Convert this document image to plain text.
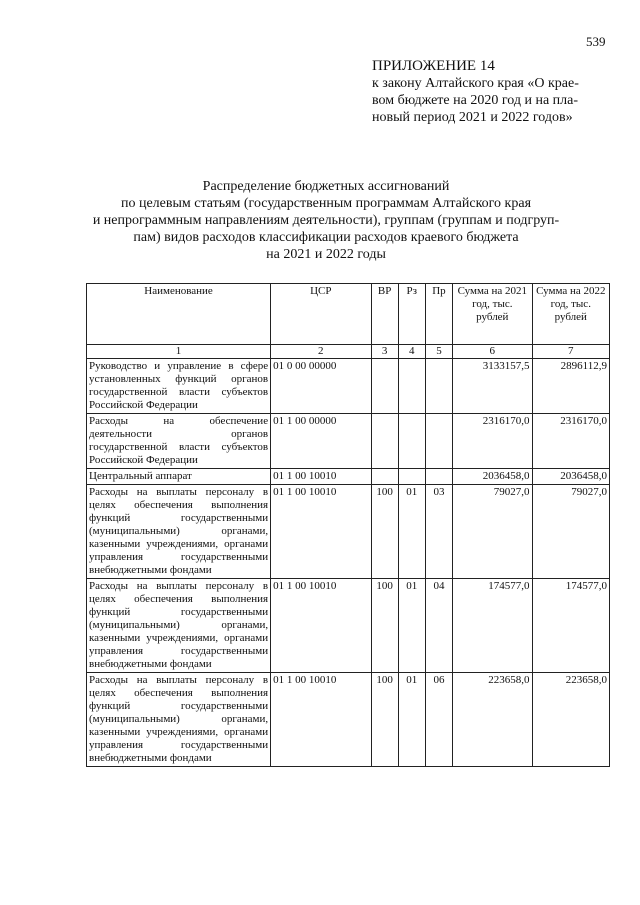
539
ПРИЛОЖЕНИЕ 14
к закону Алтайского края «О крае-
вом бюджете на 2020 год и на пла-
новый период 2021 и 2022 годов»
Распределение бюджетных ассигнований
по целевым статьям (государственным программам Алтайского края
и непрограммным направлениям деятельности), группам (группам и подгруп-
пам) видов расходов классификации расходов краевого бюджета
на 2021 и 2022 годы
Наименование	ЦСР	ВР	Рз	Пр	Сумма на 2021 год, тыс. рублей	Сумма на 2022 год, тыс. рублей
1	2	3	4	5	6	7
Руководство и управление в сфере установленных функций органов государственной власти субъектов Российской Федерации	01 0 00 00000				3133157,5	2896112,9
Расходы на обеспечение деятельности органов государственной власти субъектов Российской Федерации	01 1 00 00000				2316170,0	2316170,0
Центральный аппарат	01 1 00 10010				2036458,0	2036458,0
Расходы на выплаты персоналу в целях обеспечения выполнения функций государственными (муниципальными) органами, казенными учреждениями, органами управления государственными внебюджетными фондами	01 1 00 10010	100	01	03	79027,0	79027,0
Расходы на выплаты персоналу в целях обеспечения выполнения функций государственными (муниципальными) органами, казенными учреждениями, органами управления государственными внебюджетными фондами	01 1 00 10010	100	01	04	174577,0	174577,0
Расходы на выплаты персоналу в целях обеспечения выполнения функций государственными (муниципальными) органами, казенными учреждениями, органами управления государственными внебюджетными фондами	01 1 00 10010	100	01	06	223658,0	223658,0
